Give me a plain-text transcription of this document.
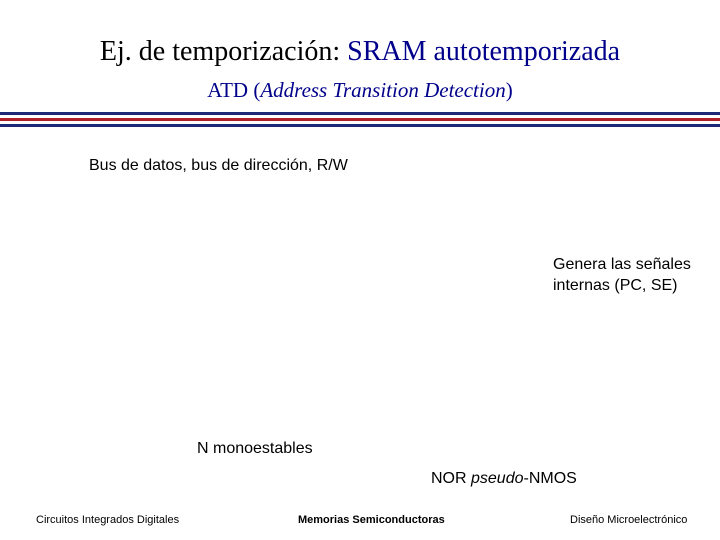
Ej. de temporización: SRAM autotemporizada
ATD (Address Transition Detection)
Bus de datos, bus de dirección, R/W
Genera las señales
internas (PC, SE)
N monoestables
NOR pseudo-NMOS
Circuitos Integrados Digitales	Memorias Semiconductoras	Diseño Microelectrónico
